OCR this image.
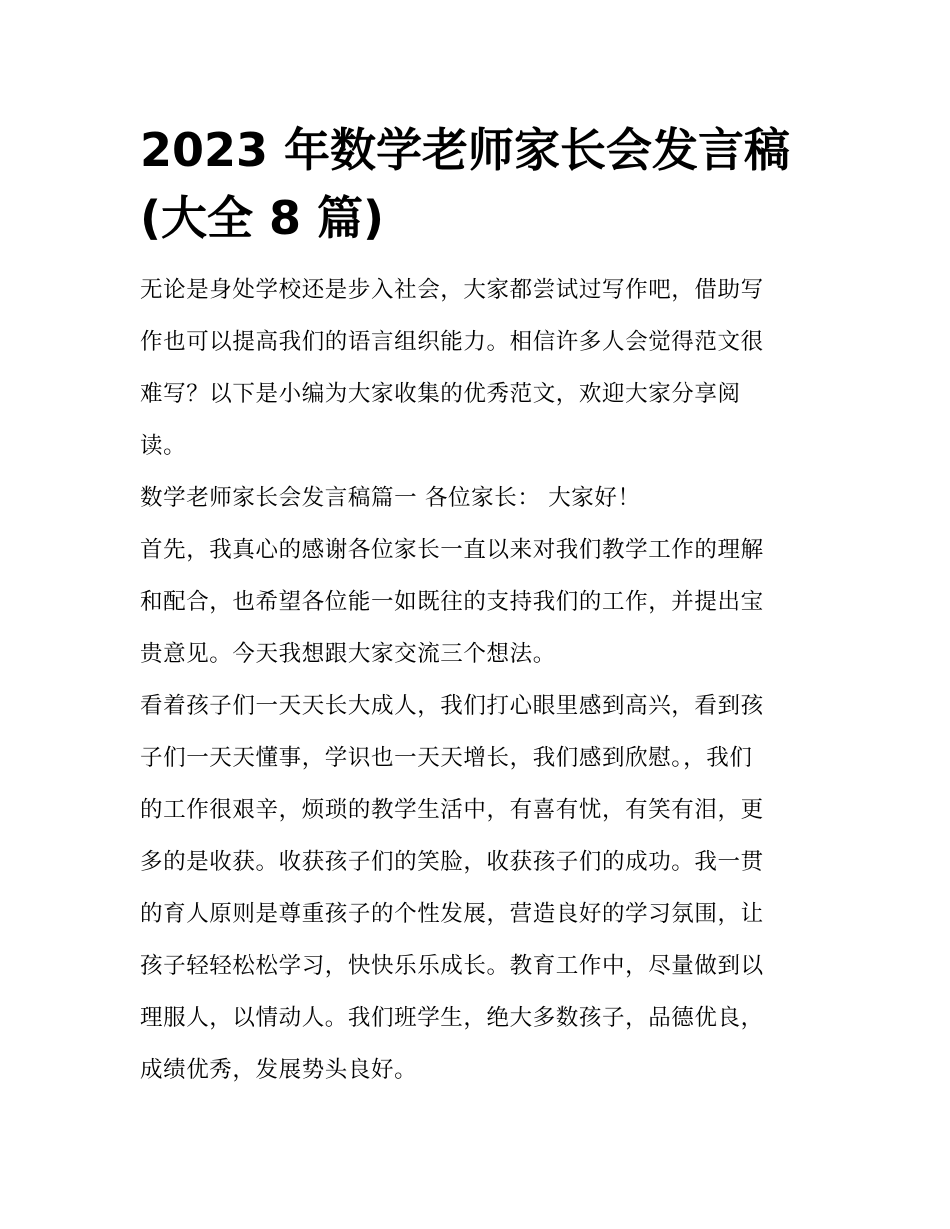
2023 年数学老师家长会发言稿
(大全 8 篇)

无论是身处学校还是步入社会，大家都尝试过写作吧，借助写
作也可以提高我们的语言组织能力。相信许多人会觉得范文很
难写？以下是小编为大家收集的优秀范文，欢迎大家分享阅
读。

数学老师家长会发言稿篇一 各位家长： 大家好！

首先，我真心的感谢各位家长一直以来对我们教学工作的理解
和配合，也希望各位能一如既往的支持我们的工作，并提出宝
贵意见。今天我想跟大家交流三个想法。

看着孩子们一天天长大成人，我们打心眼里感到高兴，看到孩
子们一天天懂事，学识也一天天增长，我们感到欣慰。，我们
的工作很艰辛，烦琐的教学生活中，有喜有忧，有笑有泪，更
多的是收获。收获孩子们的笑脸，收获孩子们的成功。我一贯
的育人原则是尊重孩子的个性发展，营造良好的学习氛围，让
孩子轻轻松松学习，快快乐乐成长。教育工作中，尽量做到以
理服人，以情动人。我们班学生，绝大多数孩子，品德优良，
成绩优秀，发展势头良好。
